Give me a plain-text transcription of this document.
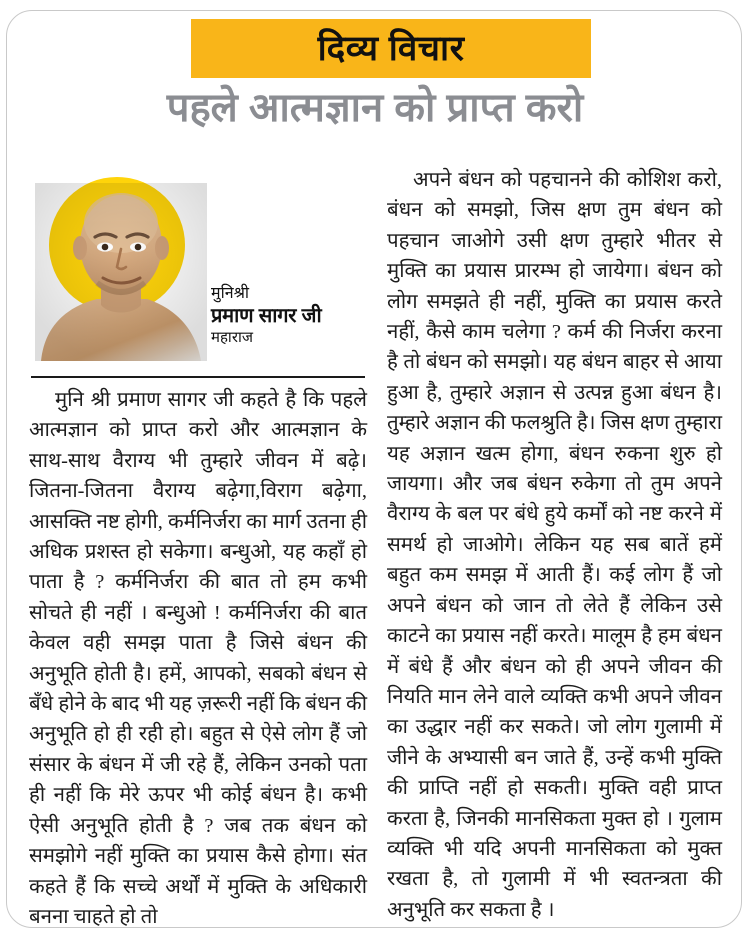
दिव्य विचार
पहले आत्मज्ञान को प्राप्त करो
मुनिश्री
प्रमाण सागर जी
महाराज

मुनि श्री प्रमाण सागर जी कहते है कि पहले आत्मज्ञान को प्राप्त करो और आत्मज्ञान के साथ-साथ वैराग्य भी तुम्हारे जीवन में बढ़े। जितना-जितना वैराग्य बढ़ेगा,विराग बढ़ेगा, आसक्ति नष्ट होगी, कर्मनिर्जरा का मार्ग उतना ही अधिक प्रशस्त हो सकेगा। बन्धुओ, यह कहाँ हो पाता है ? कर्मनिर्जरा की बात तो हम कभी सोचते ही नहीं । बन्धुओ ! कर्मनिर्जरा की बात केवल वही समझ पाता है जिसे बंधन की अनुभूति होती है। हमें, आपको, सबको बंधन से बँधे होने के बाद भी यह ज़रूरी नहीं कि बंधन की अनुभूति हो ही रही हो। बहुत से ऐसे लोग हैं जो संसार के बंधन में जी रहे हैं, लेकिन उनको पता ही नहीं कि मेरे ऊपर भी कोई बंधन है। कभी ऐसी अनुभूति होती है ? जब तक बंधन को समझोगे नहीं मुक्ति का प्रयास कैसे होगा। संत कहते हैं कि सच्चे अर्थों में मुक्ति के अधिकारी बनना चाहते हो तो

अपने बंधन को पहचानने की कोशिश करो, बंधन को समझो, जिस क्षण तुम बंधन को पहचान जाओगे उसी क्षण तुम्हारे भीतर से मुक्ति का प्रयास प्रारम्भ हो जायेगा। बंधन को लोग समझते ही नहीं, मुक्ति का प्रयास करते नहीं, कैसे काम चलेगा ? कर्म की निर्जरा करना है तो बंधन को समझो। यह बंधन बाहर से आया हुआ है, तुम्हारे अज्ञान से उत्पन्न हुआ बंधन है। तुम्हारे अज्ञान की फलश्रुति है। जिस क्षण तुम्हारा यह अज्ञान खत्म होगा, बंधन रुकना शुरु हो जायगा। और जब बंधन रुकेगा तो तुम अपने वैराग्य के बल पर बंधे हुये कर्मों को नष्ट करने में समर्थ हो जाओगे। लेकिन यह सब बातें हमें बहुत कम समझ में आती हैं। कई लोग हैं जो अपने बंधन को जान तो लेते हैं लेकिन उसे काटने का प्रयास नहीं करते। मालूम है हम बंधन में बंधे हैं और बंधन को ही अपने जीवन की नियति मान लेने वाले व्यक्ति कभी अपने जीवन का उद्धार नहीं कर सकते। जो लोग गुलामी में जीने के अभ्यासी बन जाते हैं, उन्हें कभी मुक्ति की प्राप्ति नहीं हो सकती। मुक्ति वही प्राप्त करता है, जिनकी मानसिकता मुक्त हो । गुलाम व्यक्ति भी यदि अपनी मानसिकता को मुक्त रखता है, तो गुलामी में भी स्वतन्त्रता की अनुभूति कर सकता है ।
